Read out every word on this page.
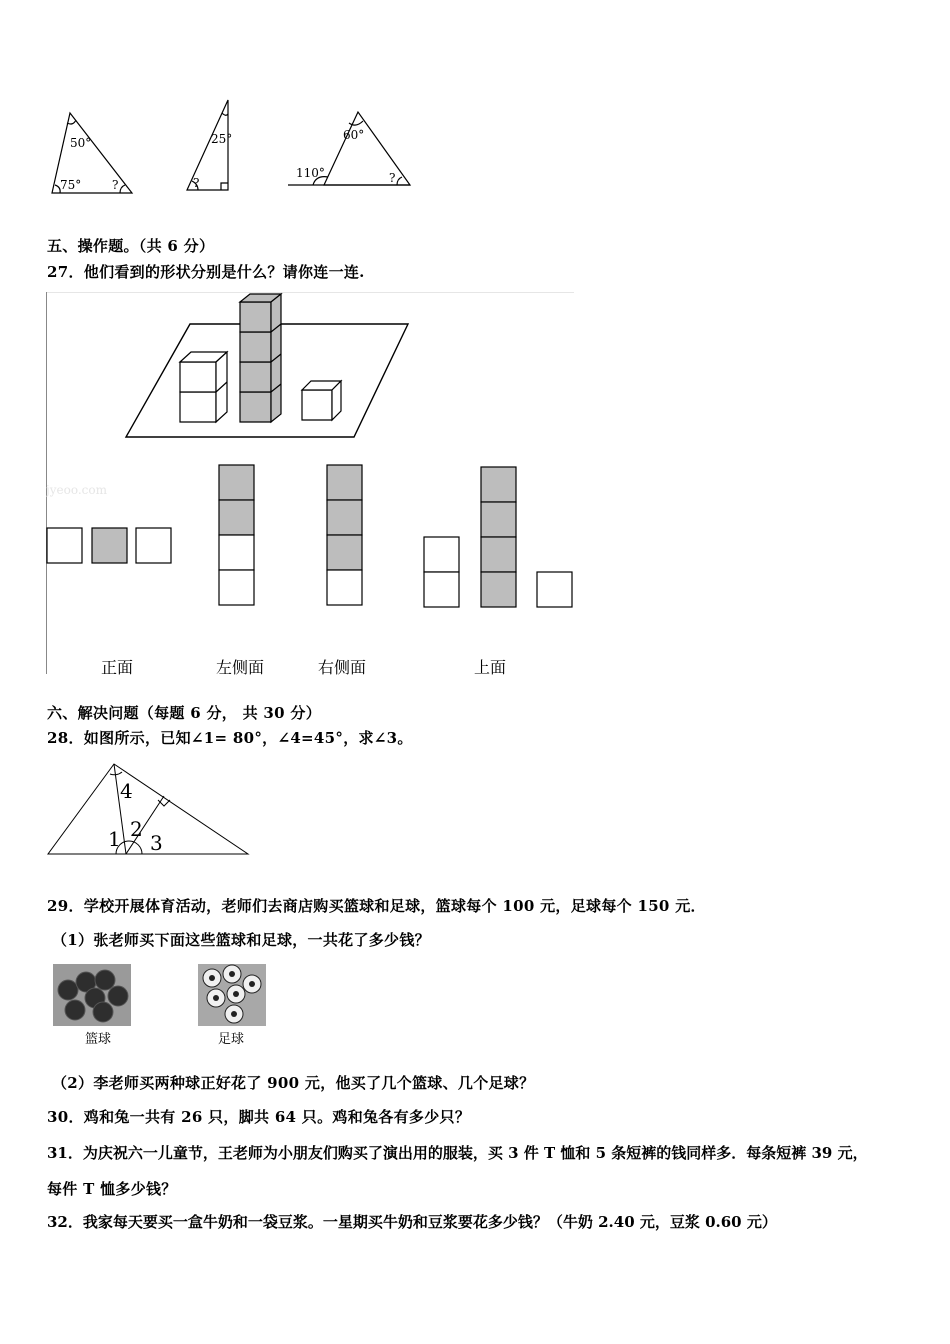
50°
75°	?
25°
?
60°
110°	?
五、操作题。（共 6 分）
27．他们看到的形状分别是什么？请你连一连.
jyeoo.com
正面	左侧面	右侧面	上面
六、解决问题（每题 6 分， 共 30 分）
28．如图所示，已知∠1= 80°，∠4=45°，求∠3。
4
1 2
3
29．学校开展体育活动，老师们去商店购买篮球和足球，篮球每个 100 元，足球每个 150 元．
（1）张老师买下面这些篮球和足球，一共花了多少钱？
篮球	足球
（2）李老师买两种球正好花了 900 元，他买了几个篮球、几个足球？
30．鸡和兔一共有 26 只，脚共 64 只。鸡和兔各有多少只？
31．为庆祝六一儿童节，王老师为小朋友们购买了演出用的服装，买 3 件 T 恤和 5 条短裤的钱同样多．每条短裤 39 元，
每件 T 恤多少钱？
32．我家每天要买一盒牛奶和一袋豆浆。一星期买牛奶和豆浆要花多少钱？（牛奶 2.40 元，豆浆 0.60 元）
